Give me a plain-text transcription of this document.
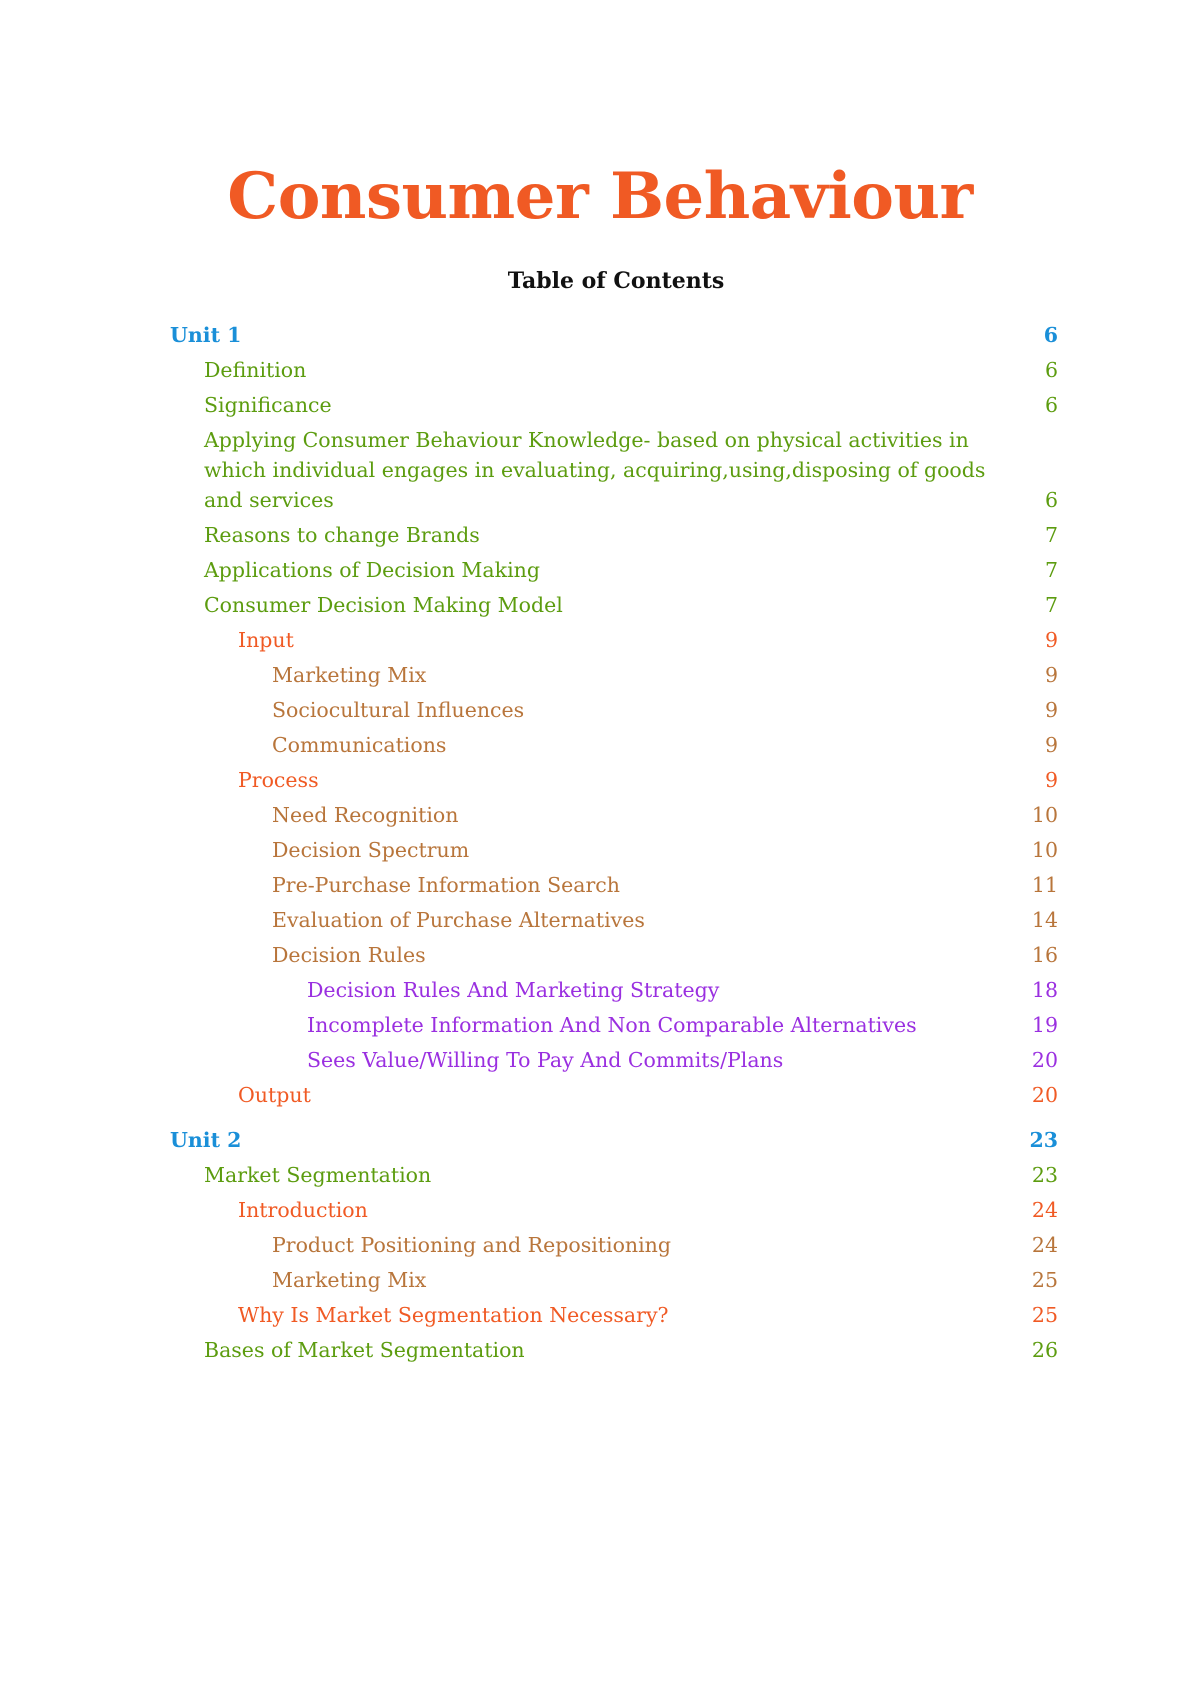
Consumer Behaviour
Table of Contents
Unit 1	6
Definition	6
Significance	6
Applying Consumer Behaviour Knowledge- based on physical activities in which individual engages in evaluating, acquiring,using,disposing of goods and services	6
Reasons to change Brands	7
Applications of Decision Making	7
Consumer Decision Making Model	7
Input	9
Marketing Mix	9
Sociocultural Influences	9
Communications	9
Process	9
Need Recognition	10
Decision Spectrum	10
Pre-Purchase Information Search	11
Evaluation of Purchase Alternatives	14
Decision Rules	16
Decision Rules And Marketing Strategy	18
Incomplete Information And Non Comparable Alternatives	19
Sees Value/Willing To Pay And Commits/Plans	20
Output	20
Unit 2	23
Market Segmentation	23
Introduction	24
Product Positioning and Repositioning	24
Marketing Mix	25
Why Is Market Segmentation Necessary?	25
Bases of Market Segmentation	26
